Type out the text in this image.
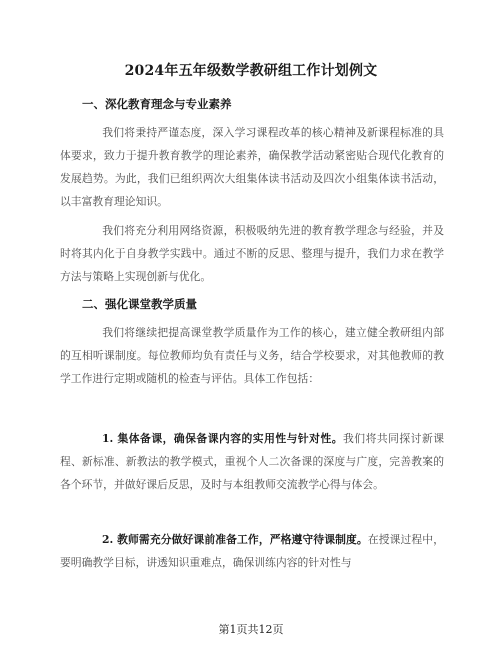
2024年五年级数学教研组工作计划例文
一、深化教育理念与专业素养

我们将秉持严谨态度，深入学习课程改革的核心精神及新课程标准的具体要求，致力于提升教育教学的理论素养，确保教学活动紧密贴合现代化教育的发展趋势。为此，我们已组织两次大组集体读书活动及四次小组集体读书活动，以丰富教育理论知识。

我们将充分利用网络资源，积极吸纳先进的教育教学理念与经验，并及时将其内化于自身教学实践中。通过不断的反思、整理与提升，我们力求在教学方法与策略上实现创新与优化。

二、强化课堂教学质量

我们将继续把提高课堂教学质量作为工作的核心，建立健全教研组内部的互相听课制度。每位教师均负有责任与义务，结合学校要求，对其他教师的教学工作进行定期或随机的检查与评估。具体工作包括：

1. 集体备课，确保备课内容的实用性与针对性。我们将共同探讨新课程、新标准、新教法的教学模式，重视个人二次备课的深度与广度，完善教案的各个环节，并做好课后反思，及时与本组教师交流教学心得与体会。

2. 教师需充分做好课前准备工作，严格遵守待课制度。在授课过程中，要明确教学目标，讲透知识重难点，确保训练内容的针对性与

第1页共12页
